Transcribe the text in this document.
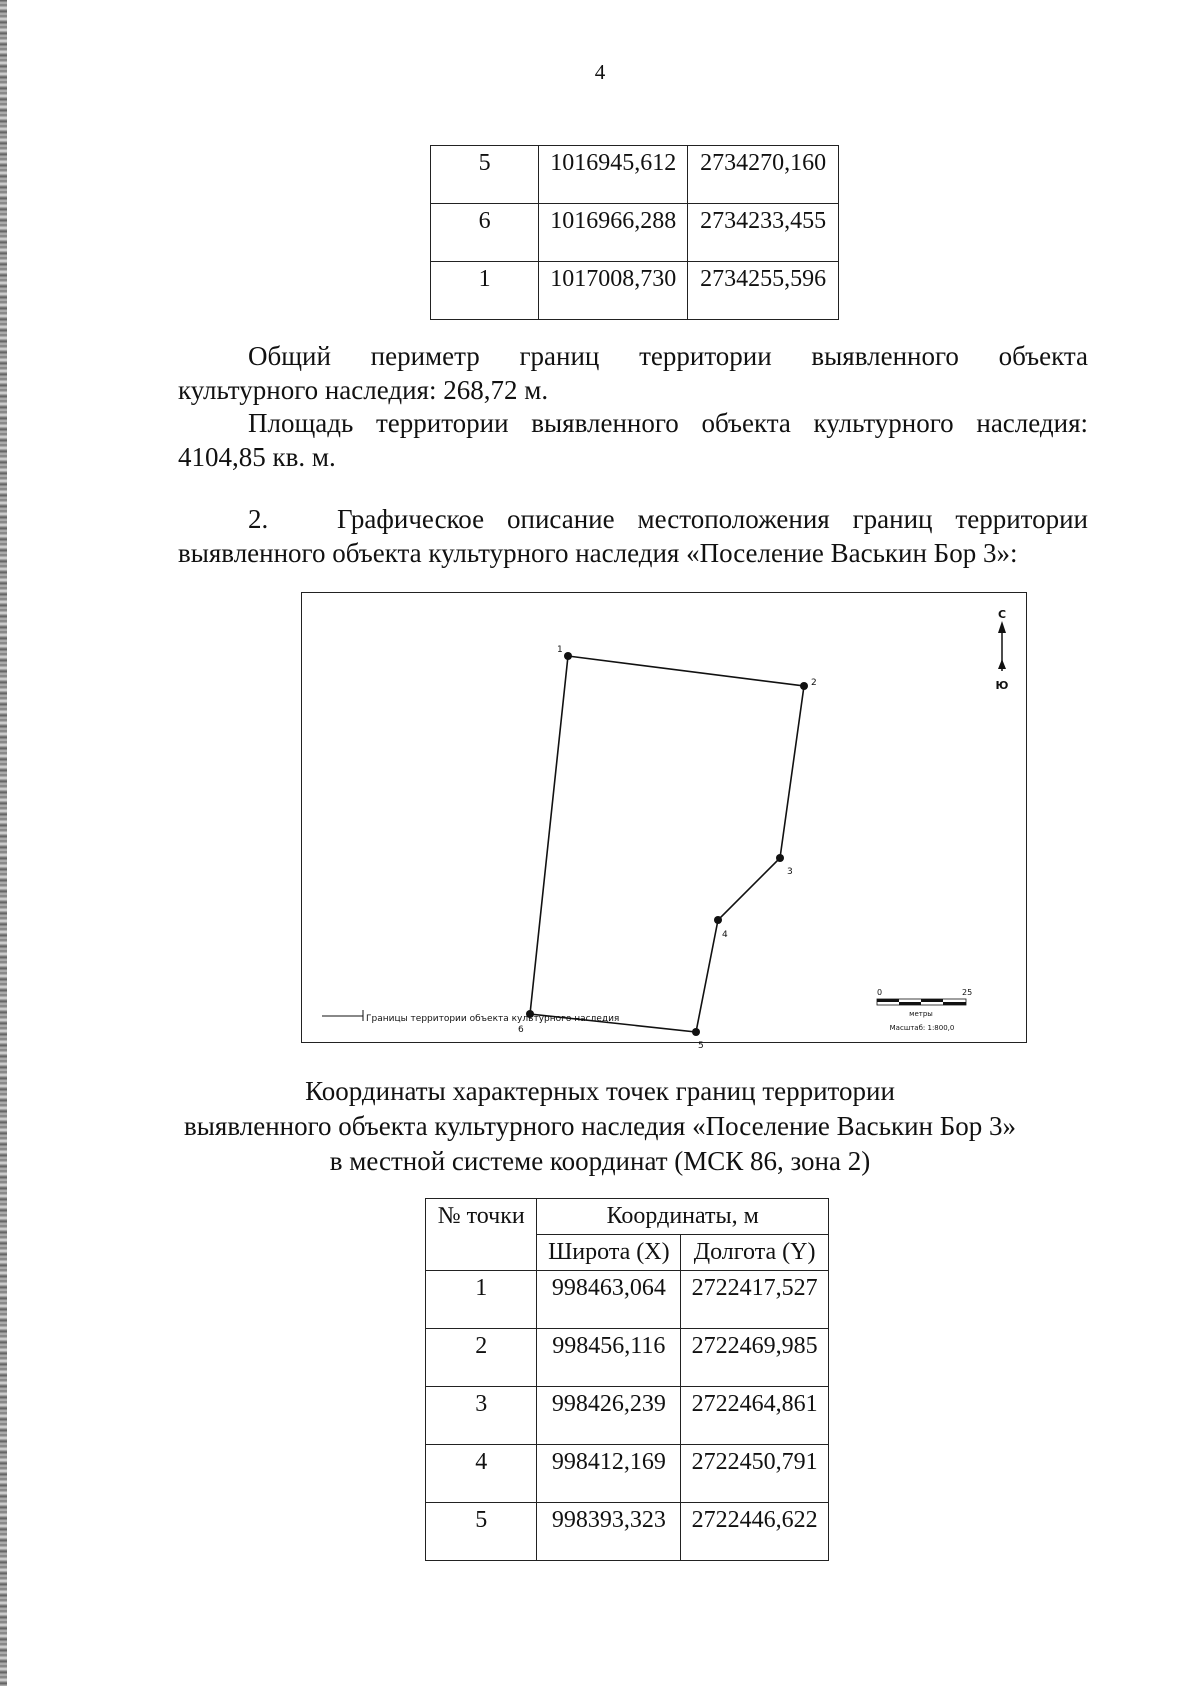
4
5	1016945,612	2734270,160
6	1016966,288	2734233,455
1	1017008,730	2734255,596
Общий периметр границ территории выявленного объекта
культурного наследия: 268,72 м.
Площадь территории выявленного объекта культурного наследия:
4104,85 кв. м.
2.   Графическое описание местоположения границ территории
выявленного объекта культурного наследия «Поселение Васькин Бор 3»:
1
2
3
4
5
6
С
Ю
Границы территории объекта культурного наследия
0	25
метры
Масштаб: 1:800,0
Координаты характерных точек границ территории
выявленного объекта культурного наследия «Поселение Васькин Бор 3»
в местной системе координат (МСК 86, зона 2)
№ точки	Координаты, м	
	Широта (X)	Долгота (Y)
1	998463,064	2722417,527
2	998456,116	2722469,985
3	998426,239	2722464,861
4	998412,169	2722450,791
5	998393,323	2722446,622
